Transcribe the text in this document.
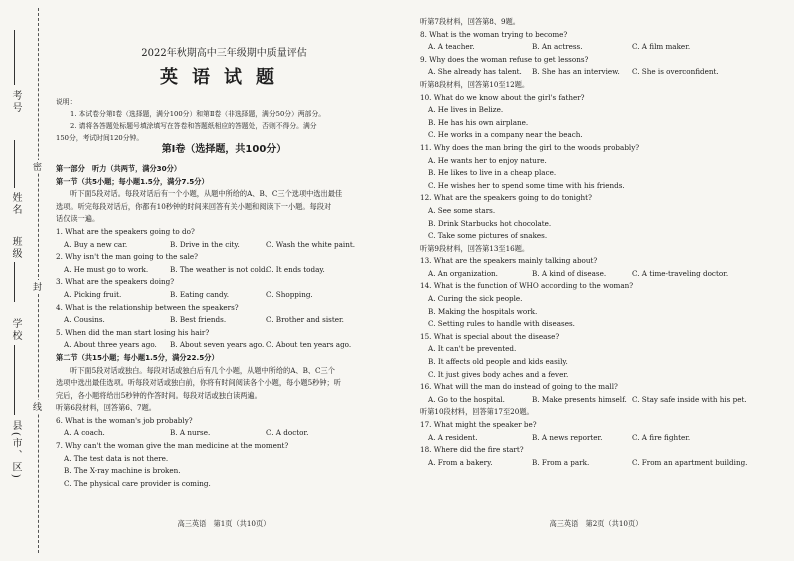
考号
姓名
班级
学校
县(市、区)
密
封
线
2022年秋期高中三年级期中质量评估
英语试题
说明：
1. 本试卷分第Ⅰ卷（选择题，满分100分）和第Ⅱ卷（非选择题，满分50分）两部分。
2. 请将各答题处标题号填涂填写在答卷和答题纸相应的答题处，否则不得分。满分
150分，考试时间120分钟。
第Ⅰ卷（选择题，共100分）
第一部分　听力（共两节，满分30分）
第一节（共5小题；每小题1.5分，满分7.5分）
听下面5段对话。每段对话后有一个小题，从题中所给的A、B、C三个选项中选出最佳
选项。听完每段对话后，你都有10秒钟的时间来回答有关小题和阅读下一小题。每段对
话仅读一遍。
1. What are the speakers going to do?
A. Buy a new car.	B. Drive in the city.	C. Wash the white paint.
2. Why isn't the man going to the sale?
A. He must go to work.	B. The weather is not cold.
C. It ends today.
3. What are the speakers doing?
A. Picking fruit.	B. Eating candy.	C. Shopping.
4. What is the relationship between the speakers?
A. Cousins.	B. Best friends.	C. Brother and sister.
5. When did the man start losing his hair?
A. About three years ago.	B. About seven years ago. C. About ten years ago.
第二节（共15小题；每小题1.5分，满分22.5分）
听下面5段对话或独白。每段对话或独白后有几个小题，从题中所给的A、B、C三个
选项中选出最佳选项。听每段对话或独白前，你将有时间阅读各个小题，每小题5秒钟；听
完后，各小题将给出5秒钟的作答时间。每段对话或独白读两遍。
听第6段材料，回答第6、7题。
6. What is the woman's job probably?
A. A coach.	B. A nurse.	C. A doctor.
7. Why can't the woman give the man medicine at the moment?
A. The test data is not there.
B. The X-ray machine is broken.
C. The physical care provider is coming.
高三英语　第1页（共10页）
听第7段材料，回答第8、9题。
8. What is the woman trying to become?
A. A teacher.	B. An actress.	C. A film maker.
9. Why does the woman refuse to get lessons?
A. She already has talent.	B. She has an interview.	C. She is overconfident.
听第8段材料，回答第10至12题。
10. What do we know about the girl's father?
A. He lives in Belize.
B. He has his own airplane.
C. He works in a company near the beach.
11. Why does the man bring the girl to the woods probably?
A. He wants her to enjoy nature.
B. He likes to live in a cheap place.
C. He wishes her to spend some time with his friends.
12. What are the speakers going to do tonight?
A. See some stars.
B. Drink Starbucks hot chocolate.
C. Take some pictures of snakes.
听第9段材料，回答第13至16题。
13. What are the speakers mainly talking about?
A. An organization.	B. A kind of disease.	C. A time-traveling doctor.
14. What is the function of WHO according to the woman?
A. Curing the sick people.
B. Making the hospitals work.
C. Setting rules to handle with diseases.
15. What is special about the disease?
A. It can't be prevented.
B. It affects old people and kids easily.
C. It just gives body aches and a fever.
16. What will the man do instead of going to the mall?
A. Go to the hospital.	B. Make presents himself. C. Stay safe inside with his pet.
听第10段材料，回答第17至20题。
17. What might the speaker be?
A. A resident.	B. A news reporter.	C. A fire fighter.
18. Where did the fire start?
A. From a bakery.	B. From a park.	C. From an apartment building.
高三英语　第2页（共10页）
